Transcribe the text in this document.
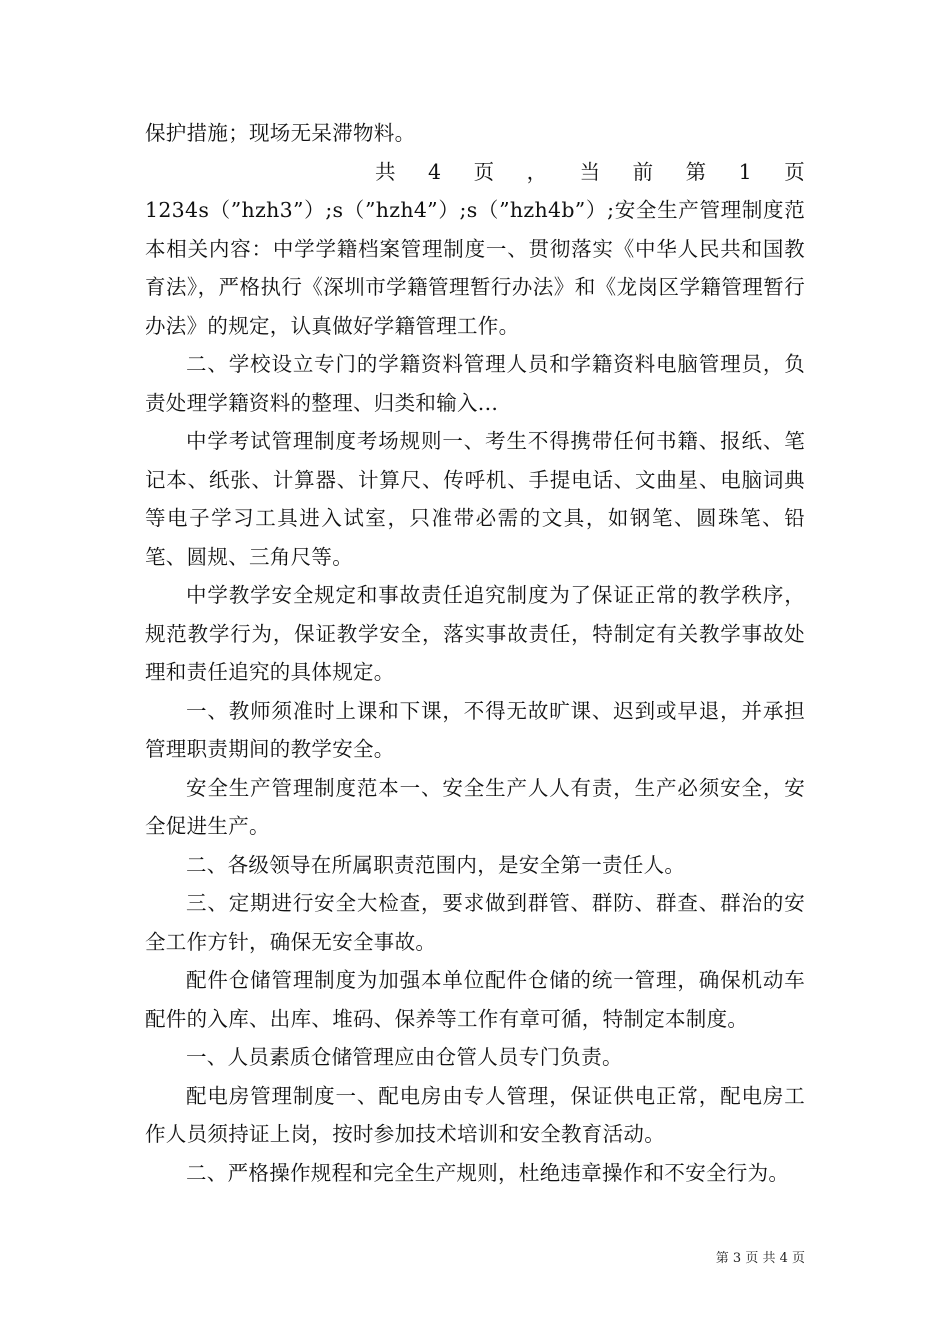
保护措施；现场无呆滞物料。
共 4 页 ， 当 前 第 1 页
1234s（”hzh3”）;s（”hzh4”）;s（”hzh4b”）;安全生产管理制度范本相关内容：中学学籍档案管理制度一、贯彻落实《中华人民共和国教育法》，严格执行《深圳市学籍管理暂行办法》和《龙岗区学籍管理暂行办法》的规定，认真做好学籍管理工作。

二、学校设立专门的学籍资料管理人员和学籍资料电脑管理员，负责处理学籍资料的整理、归类和输入...

中学考试管理制度考场规则一、考生不得携带任何书籍、报纸、笔记本、纸张、计算器、计算尺、传呼机、手提电话、文曲星、电脑词典等电子学习工具进入试室，只准带必需的文具，如钢笔、圆珠笔、铅笔、圆规、三角尺等。

中学教学安全规定和事故责任追究制度为了保证正常的教学秩序，规范教学行为，保证教学安全，落实事故责任，特制定有关教学事故处理和责任追究的具体规定。

一、教师须准时上课和下课，不得无故旷课、迟到或早退，并承担管理职责期间的教学安全。

安全生产管理制度范本一、安全生产人人有责，生产必须安全，安全促进生产。

二、各级领导在所属职责范围内，是安全第一责任人。

三、定期进行安全大检查，要求做到群管、群防、群查、群治的安全工作方针，确保无安全事故。

配件仓储管理制度为加强本单位配件仓储的统一管理，确保机动车配件的入库、出库、堆码、保养等工作有章可循，特制定本制度。

一、人员素质仓储管理应由仓管人员专门负责。

配电房管理制度一、配电房由专人管理，保证供电正常，配电房工作人员须持证上岗，按时参加技术培训和安全教育活动。

二、严格操作规程和完全生产规则，杜绝违章操作和不安全行为。

第 3 页 共 4 页
